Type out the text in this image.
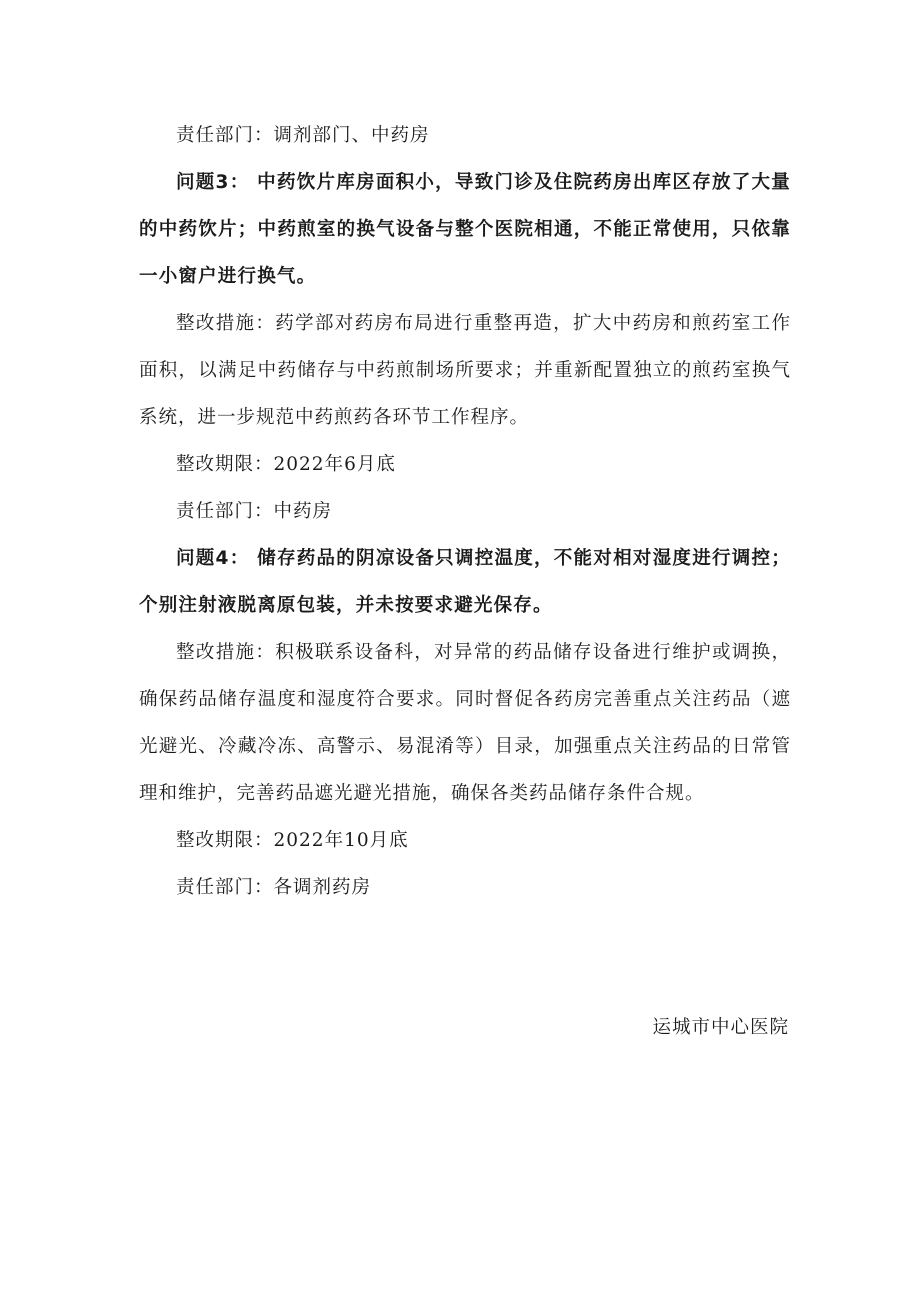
责任部门：调剂部门、中药房

问题3： 中药饮片库房面积小，导致门诊及住院药房出库区存放了大量的中药饮片；中药煎室的换气设备与整个医院相通，不能正常使用，只依靠一小窗户进行换气。

整改措施：药学部对药房布局进行重整再造，扩大中药房和煎药室工作面积，以满足中药储存与中药煎制场所要求；并重新配置独立的煎药室换气系统，进一步规范中药煎药各环节工作程序。

整改期限：2022年6月底

责任部门：中药房

问题4： 储存药品的阴凉设备只调控温度，不能对相对湿度进行调控；个别注射液脱离原包装，并未按要求避光保存。

整改措施：积极联系设备科，对异常的药品储存设备进行维护或调换，确保药品储存温度和湿度符合要求。同时督促各药房完善重点关注药品（遮光避光、冷藏冷冻、高警示、易混淆等）目录，加强重点关注药品的日常管理和维护，完善药品遮光避光措施，确保各类药品储存条件合规。

整改期限：2022年10月底

责任部门：各调剂药房

运城市中心医院
